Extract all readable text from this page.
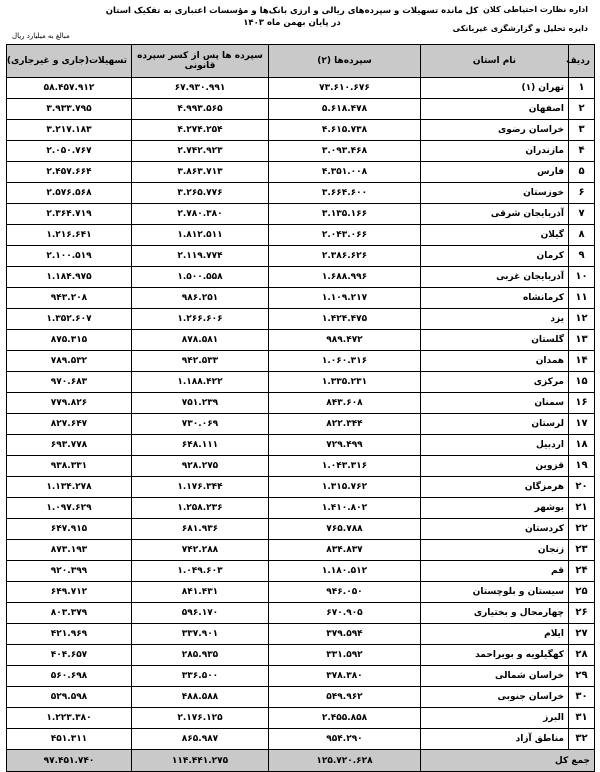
اداره نظارت احتیاطی کلان
دایره تحلیل و گزارشگری غیربانکی
کل مانده تسهیلات و سپرده‌های ریالی و ارزی بانک‌ها و مؤسسات اعتباری به تفکیک استان در پایان بهمن ماه ۱۴۰۳
مبالغ به میلیارد ریال
ردیف	نام استان	سپرده‌ها (۲)	سپرده ها پس از کسر سپرده قانونی	تسهیلات(جاری و غیرجاری)
۱	تهران (۱)	۷۳.۶۱۰.۶۷۶	۶۷.۹۳۰.۹۹۱	۵۸.۴۵۷.۹۱۲
۲	اصفهان	۵.۶۱۸.۴۷۸	۴.۹۹۳.۵۶۵	۳.۹۳۳.۷۹۵
۳	خراسان رضوی	۴.۶۱۵.۷۳۸	۴.۲۷۴.۲۵۴	۳.۲۱۷.۱۸۳
۴	مازندران	۳.۰۹۳.۴۶۸	۲.۷۴۲.۹۲۳	۲.۰۵۰.۷۶۷
۵	فارس	۴.۳۵۱.۰۰۸	۳.۸۶۳.۷۱۳	۲.۴۵۷.۶۶۴
۶	خوزستان	۳.۶۶۴.۶۰۰	۳.۲۶۵.۷۷۶	۲.۵۷۶.۵۶۸
۷	آذربایجان شرقی	۳.۱۳۵.۱۶۶	۲.۷۸۰.۳۸۰	۲.۳۶۴.۷۱۹
۸	گیلان	۲.۰۴۳.۰۶۶	۱.۸۱۲.۵۱۱	۱.۲۱۶.۶۴۱
۹	کرمان	۲.۳۸۶.۶۲۶	۲.۱۱۹.۷۷۴	۲.۱۰۰.۵۱۹
۱۰	آذربایجان غربی	۱.۶۸۸.۹۹۶	۱.۵۰۰.۵۵۸	۱.۱۸۴.۹۷۵
۱۱	کرمانشاه	۱.۱۰۹.۲۱۷	۹۸۶.۲۵۱	۹۴۳.۲۰۸
۱۲	یزد	۱.۴۲۴.۴۷۵	۱.۲۶۶.۶۰۶	۱.۳۵۲.۶۰۷
۱۳	گلستان	۹۸۹.۴۷۲	۸۷۸.۵۸۱	۸۷۵.۳۱۵
۱۴	همدان	۱.۰۶۰.۳۱۶	۹۴۲.۵۳۳	۷۸۹.۵۳۲
۱۵	مرکزی	۱.۳۳۵.۲۳۱	۱.۱۸۸.۴۲۲	۹۷۰.۶۸۳
۱۶	سمنان	۸۴۳.۶۰۸	۷۵۱.۲۳۹	۷۷۹.۸۲۶
۱۷	لرستان	۸۲۲.۳۴۴	۷۳۰.۰۶۹	۸۲۷.۶۴۷
۱۸	اردبیل	۷۲۹.۴۹۹	۶۴۸.۱۱۱	۶۹۳.۷۷۸
۱۹	قزوین	۱.۰۴۳.۳۱۶	۹۲۸.۲۷۵	۹۳۸.۳۳۱
۲۰	هرمزگان	۱.۳۱۵.۷۶۲	۱.۱۷۶.۳۴۴	۱.۱۳۴.۲۷۸
۲۱	بوشهر	۱.۴۱۰.۸۰۲	۱.۲۵۸.۲۳۶	۱.۰۹۷.۶۲۹
۲۲	کردستان	۷۶۵.۷۸۸	۶۸۱.۹۳۶	۶۴۷.۹۱۵
۲۳	زنجان	۸۳۴.۸۳۷	۷۴۲.۲۸۸	۸۷۳.۱۹۳
۲۴	قم	۱.۱۸۰.۵۱۲	۱.۰۴۹.۶۰۳	۹۲۰.۳۹۹
۲۵	سیستان و بلوچستان	۹۴۶.۰۵۰	۸۴۱.۴۳۱	۶۴۹.۷۱۲
۲۶	چهارمحال و بختیاری	۶۷۰.۹۰۵	۵۹۶.۱۷۰	۸۰۳.۳۷۹
۲۷	ایلام	۳۷۹.۵۹۴	۳۳۷.۹۰۱	۴۲۱.۹۶۹
۲۸	کهگیلویه و بویراحمد	۳۳۱.۵۹۲	۲۸۵.۹۳۵	۴۰۴.۶۵۷
۲۹	خراسان شمالی	۳۷۸.۳۸۰	۳۳۶.۵۰۰	۵۶۰.۶۹۸
۳۰	خراسان جنوبی	۵۴۹.۹۶۲	۴۸۸.۵۸۸	۵۲۹.۵۹۸
۳۱	البرز	۲.۴۵۵.۸۵۸	۲.۱۷۶.۱۲۵	۱.۲۲۳.۳۸۰
۳۲	مناطق آزاد	۹۵۴.۲۹۰	۸۶۵.۹۸۷	۴۵۱.۳۱۱
جمع کل		۱۲۵.۷۲۰.۶۲۸	۱۱۴.۴۴۱.۲۷۵	۹۷.۴۵۱.۷۴۰
